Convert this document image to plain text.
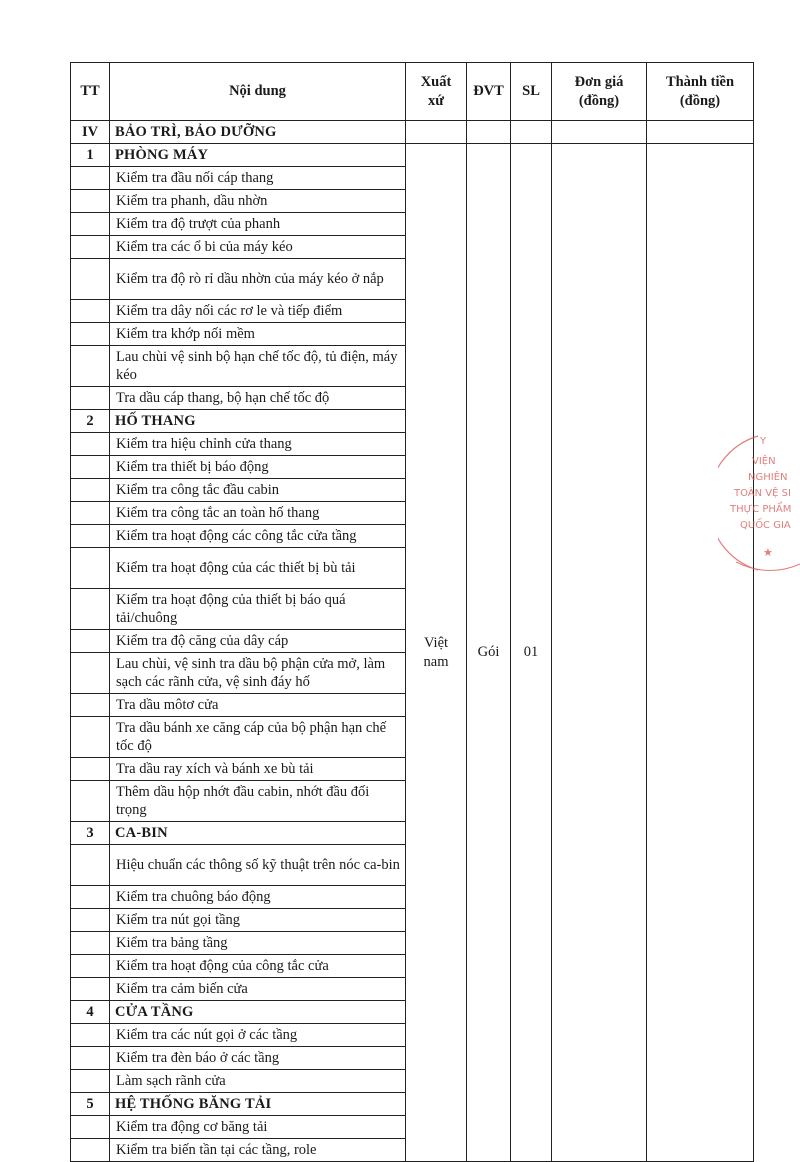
TT	Nội dung	Xuất xứ	ĐVT	SL	Đơn giá (đồng)	Thành tiền (đồng)
IV	BẢO TRÌ, BẢO DƯỠNG					
1	PHÒNG MÁY	Việt nam	Gói	01		
	Kiểm tra đầu nối cáp thang					
	Kiểm tra phanh, dầu nhờn					
	Kiểm tra độ trượt của phanh					
	Kiểm tra các ổ bi của máy kéo					
	Kiểm tra độ rò rỉ dầu nhờn của máy kéo ở nắp					
	Kiểm tra dây nối các rơ le và tiếp điểm					
	Kiểm tra khớp nối mềm					
	Lau chùi vệ sinh bộ hạn chế tốc độ, tủ điện, máy kéo					
	Tra dầu cáp thang, bộ hạn chế tốc độ					
2	HỐ THANG					
	Kiểm tra hiệu chỉnh cửa thang					
	Kiểm tra thiết bị báo động					
	Kiểm tra công tắc đầu cabin					
	Kiểm tra công tắc an toàn hố thang					
	Kiểm tra hoạt động các công tắc cửa tầng					
	Kiểm tra hoạt động của các thiết bị bù tải					
	Kiểm tra hoạt động của thiết bị báo quá tải/chuông					
	Kiểm tra độ căng của dây cáp					
	Lau chùi, vệ sinh tra dầu bộ phận cửa mở, làm sạch các rãnh cửa, vệ sinh đáy hố					
	Tra dầu môtơ cửa					
	Tra dầu bánh xe căng cáp của bộ phận hạn chế tốc độ					
	Tra dầu ray xích và bánh xe bù tải					
	Thêm dầu hộp nhớt đầu cabin, nhớt đầu đối trọng					
3	CA-BIN					
	Hiệu chuẩn các thông số kỹ thuật trên nóc ca-bin					
	Kiểm tra chuông báo động					
	Kiểm tra nút gọi tầng					
	Kiểm tra bảng tầng					
	Kiểm tra hoạt động của công tắc cửa					
	Kiểm tra cảm biến cửa					
4	CỬA TẦNG					
	Kiểm tra các nút gọi ở các tầng					
	Kiểm tra đèn báo ở các tầng					
	Làm sạch rãnh cửa					
5	HỆ THỐNG BĂNG TẢI					
	Kiểm tra động cơ băng tải					
	Kiểm tra biến tần tại các tầng, role					
★
Y
VIỆN
NGHIÊN
TOÀN VỆ SI
THỰC PHẨM
QUỐC GIA
